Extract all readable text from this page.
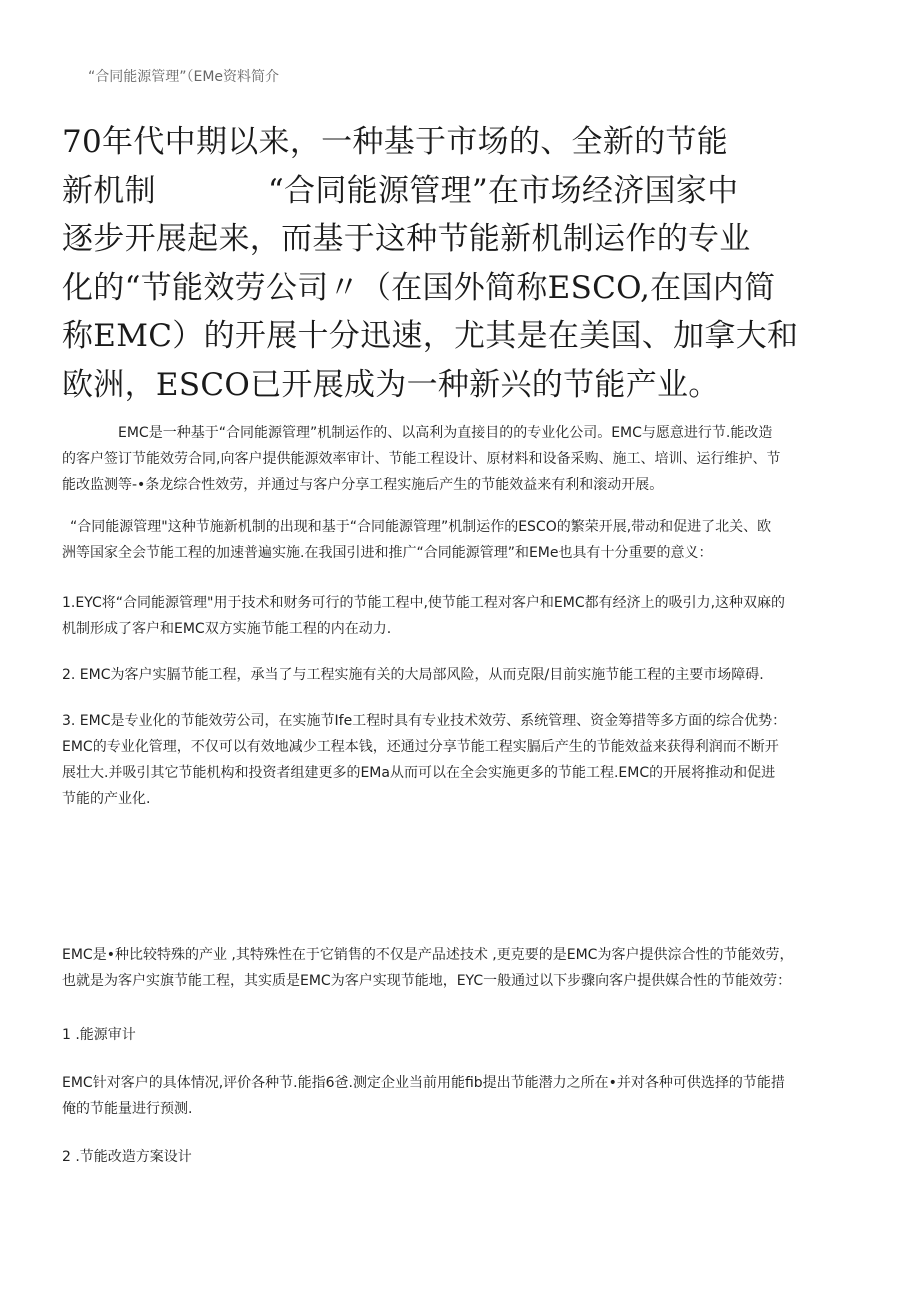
“合同能源管理”（EMe资料简介
70年代中期以来，一种基于市场的、全新的节能
新机制	“合同能源管理”在市场经济国家中
逐步开展起来，而基于这种节能新机制运作的专业
化的“节能效劳公司〃（在国外简称ESCO,在国内简
称EMC）的开展十分迅速，尤其是在美国、加拿大和
欧洲，ESCO已开展成为一种新兴的节能产业。
EMC是一种基于“合同能源管理”机制运作的、以高利为直接目的的专业化公司。EMC与愿意进行节.能改造
的客户签订节能效劳合同,向客户提供能源效率审计、节能工程设计、原材料和设备采购、施工、培训、运行维护、节
能改监测等-•条龙综合性效劳，并通过与客户分享工程实施后产生的节能效益来有利和滚动开展。
“合同能源管理"这种节施新机制的出现和基于“合同能源管理”机制运作的ESCO的繁荣开展,带动和促进了北关、欧
洲等国家全会节能工程的加速普遍实施.在我国引进和推广“合同能源管理”和EMe也具有十分重要的意义：
1.EYC将“合同能源管理"用于技术和财务可行的节能工程中,使节能工程对客户和EMC都有经济上的吸引力,这种双麻的
机制形成了客户和EMC双方实施节能工程的内在动力.
2. EMC为客户实膈节能工程，承当了与工程实施有关的大局部风险，从而克限/目前实施节能工程的主要市场障碍.
3. EMC是专业化的节能效劳公司，在实施节Ife工程时具有专业技术效劳、系统管理、资金筹措等多方面的综合优势：
EMC的专业化管理，不仅可以有效地减少工程本钱，还通过分享节能工程实膈后产生的节能效益来获得利润而不断开
展壮大.并吸引其它节能机构和投资者组建更多的EMa从而可以在全会实施更多的节能工程.EMC的开展将推动和促进
节能的产业化.
EMC是•种比较特殊的产业 ,其特殊性在于它销售的不仅是产品述技术 ,更克要的是EMC为客户提供淙合性的节能效劳，
也就是为客户实旗节能工程，其实质是EMC为客户实现节能地，EYC一般通过以下步骤向客户提供媒合性的节能效劳：
1 .能源审计
EMC针对客户的具体情况,评价各种节.能指6爸.测定企业当前用能fib提出节能潜力之所在•并对各种可供选择的节能措
俺的节能量进行预测.
2 .节能改造方案设计
